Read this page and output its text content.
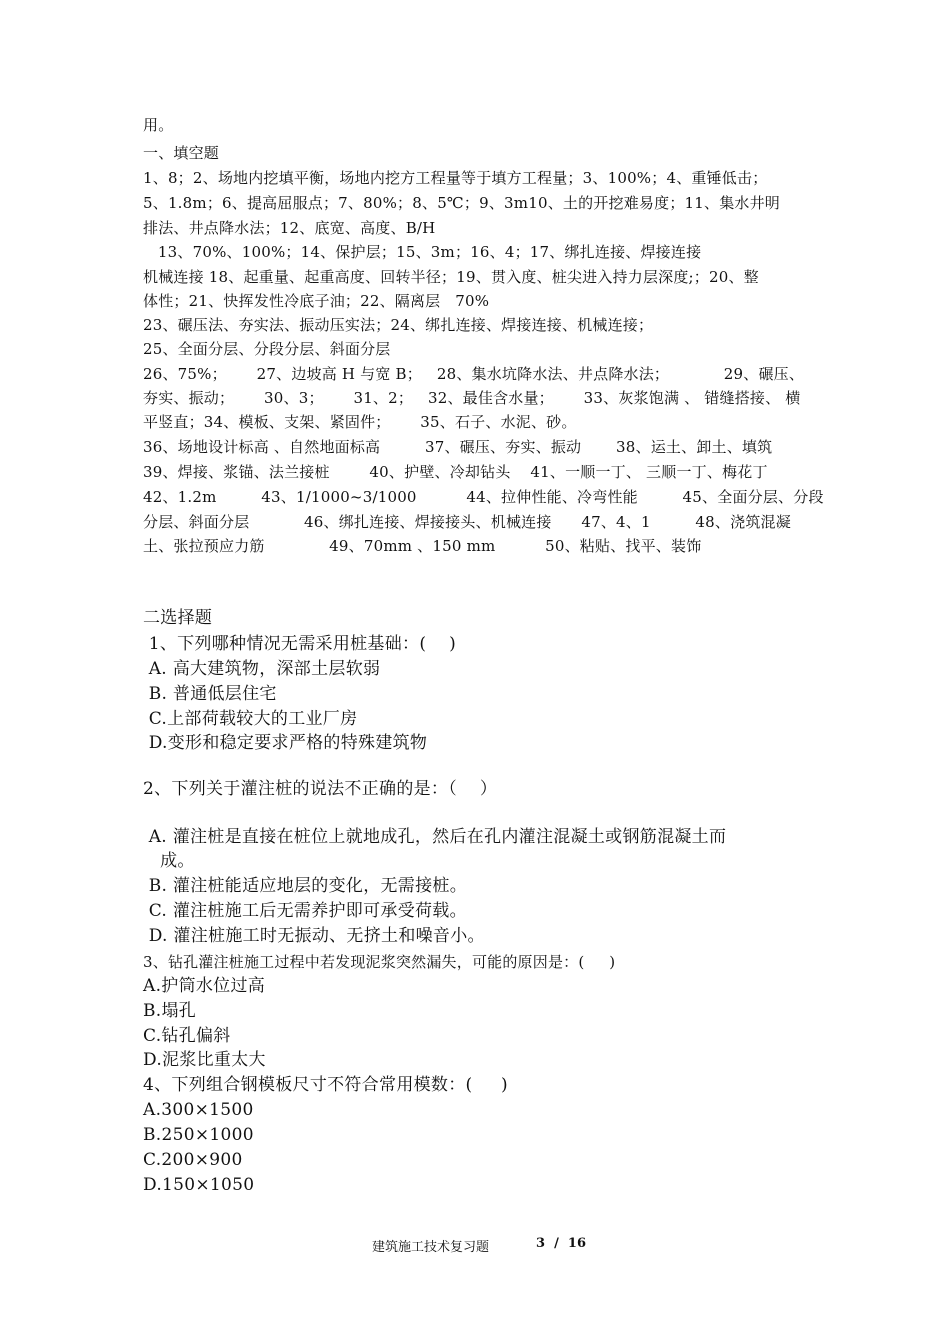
用。
一、填空题
1、8；2、场地内挖填平衡，场地内挖方工程量等于填方工程量；3、100%；4、重锤低击；
5、1.8m；6、提高屈服点；7、80%；8、5℃；9、3m10、土的开挖难易度；11、集水井明
排法、井点降水法；12、底宽、高度、B/H
13、70%、100%；14、保护层；15、3m；16、4；17、绑扎连接、焊接连接
机械连接 18、起重量、起重高度、回转半径；19、贯入度、桩尖进入持力层深度;；20、整
体性；21、快挥发性冷底子油；22、隔离层   70%
23、碾压法、夯实法、振动压实法；24、绑扎连接、焊接连接、机械连接；
25、全面分层、分段分层、斜面分层
26、75%；      27、边坡高 H 与宽 B；   28、集水坑降水法、井点降水法；           29、碾压、
夯实、振动；      30、3；      31、2；   32、最佳含水量；      33、灰浆饱满 、 错缝搭接、 横
平竖直；34、模板、支架、紧固件；      35、石子、水泥、砂。
36、场地设计标高 、自然地面标高         37、碾压、夯实、振动       38、运土、卸土、填筑
39、焊接、浆锚、法兰接桩        40、护壁、冷却钻头    41、一顺一丁、 三顺一丁、梅花丁
42、1.2m         43、1/1000~3/1000          44、拉伸性能、冷弯性能         45、全面分层、分段
分层、斜面分层           46、绑扎连接、焊接接头、机械连接      47、4、1         48、浇筑混凝
土、张拉预应力筋             49、70mm 、150 mm          50、粘贴、找平、装饰
二选择题
1、下列哪种情况无需采用桩基础：(    )
A. 高大建筑物，深部土层软弱
B. 普通低层住宅
C.上部荷载较大的工业厂房
D.变形和稳定要求严格的特殊建筑物
2、下列关于灌注桩的说法不正确的是：（    ）
A. 灌注桩是直接在桩位上就地成孔，然后在孔内灌注混凝土或钢筋混凝土而
成。
B. 灌注桩能适应地层的变化，无需接桩。
C. 灌注桩施工后无需养护即可承受荷载。
D. 灌注桩施工时无振动、无挤土和噪音小。
3、钻孔灌注桩施工过程中若发现泥浆突然漏失，可能的原因是：(     )
A.护筒水位过高
B.塌孔
C.钻孔偏斜
D.泥浆比重太大
4、下列组合钢模板尺寸不符合常用模数：(     )
A.300×1500
B.250×1000
C.200×900
D.150×1050
建筑施工技术复习题	3  /  16
